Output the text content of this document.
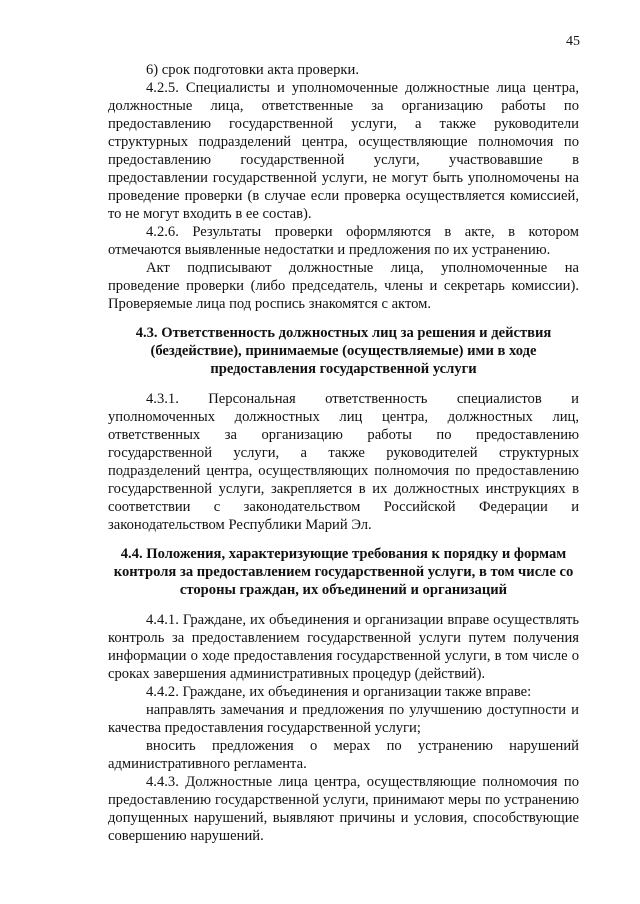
45

6) срок подготовки акта проверки.

4.2.5. Специалисты и уполномоченные должностные лица центра, должностные лица, ответственные за организацию работы по предоставлению государственной услуги, а также руководители структурных подразделений центра, осуществляющие полномочия по предоставлению государственной услуги, участвовавшие в предоставлении государственной услуги, не могут быть уполномочены на проведение проверки (в случае если проверка осуществляется комиссией, то не могут входить в ее состав).

4.2.6. Результаты проверки оформляются в акте, в котором отмечаются выявленные недостатки и предложения по их устранению.

Акт подписывают должностные лица, уполномоченные на проведение проверки (либо председатель, члены и секретарь комиссии). Проверяемые лица под роспись знакомятся с актом.

4.3. Ответственность должностных лиц за решения и действия (бездействие), принимаемые (осуществляемые) ими в ходе предоставления государственной услуги

4.3.1. Персональная ответственность специалистов и уполномоченных должностных лиц центра, должностных лиц, ответственных за организацию работы по предоставлению государственной услуги, а также руководителей структурных подразделений центра, осуществляющих полномочия по предоставлению государственной услуги, закрепляется в их должностных инструкциях в соответствии с законодательством Российской Федерации и законодательством Республики Марий Эл.

4.4. Положения, характеризующие требования к порядку и формам контроля за предоставлением государственной услуги, в том числе со стороны граждан, их объединений и организаций

4.4.1. Граждане, их объединения и организации вправе осуществлять контроль за предоставлением государственной услуги путем получения информации о ходе предоставления государственной услуги, в том числе о сроках завершения административных процедур (действий).

4.4.2. Граждане, их объединения и организации также вправе:

направлять замечания и предложения по улучшению доступности и качества предоставления государственной услуги;

вносить предложения о мерах по устранению нарушений административного регламента.

4.4.3. Должностные лица центра, осуществляющие полномочия по предоставлению государственной услуги, принимают меры по устранению допущенных нарушений, выявляют причины и условия, способствующие совершению нарушений.
